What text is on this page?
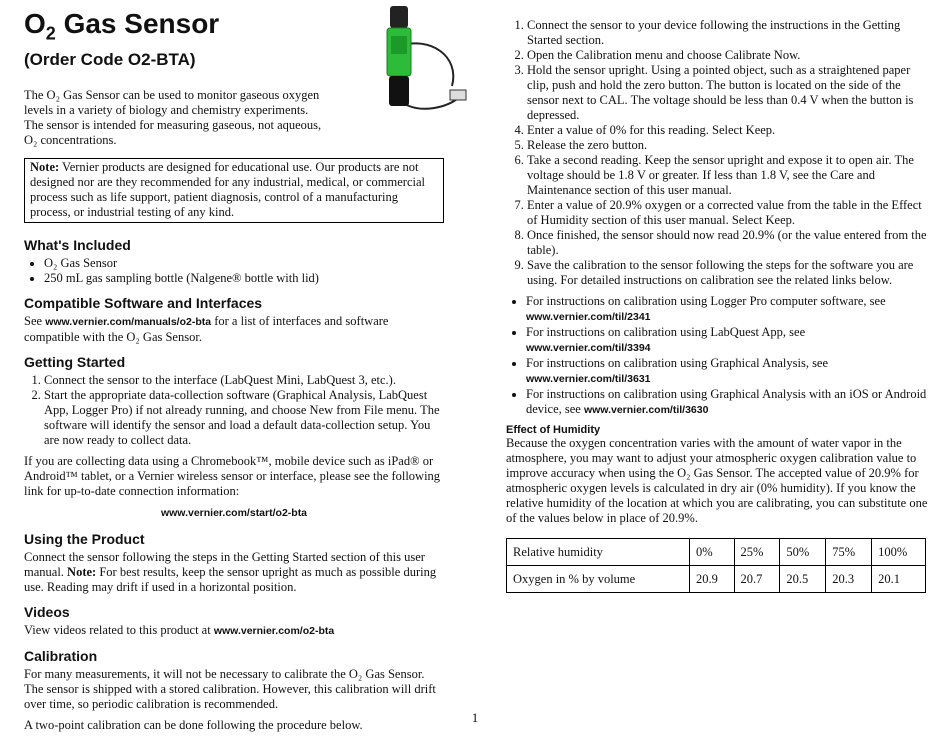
$O_2$ Gas Sensor
(Order Code O2-BTA)

The O₂ Gas Sensor can be used to monitor gaseous oxygen levels in a variety of biology and chemistry experiments. The sensor is intended for measuring gaseous, not aqueous, O₂ concentrations.

Note: Vernier products are designed for educational use. Our products are not designed nor are they recommended for any industrial, medical, or commercial process such as life support, patient diagnosis, control of a manufacturing process, or industrial testing of any kind.

What's Included
• O₂ Gas Sensor
• 250 mL gas sampling bottle (Nalgene® bottle with lid)
Compatible Software and Interfaces

See www.vernier.com/manuals/o2-bta for a list of interfaces and software compatible with the O₂ Gas Sensor.

Getting Started
1. Connect the sensor to the interface (LabQuest Mini, LabQuest 3, etc.).
2. Start the appropriate data-collection software (Graphical Analysis, LabQuest App, Logger Pro) if not already running, and choose New from File menu. The software will identify the sensor and load a default data-collection setup. You are now ready to collect data.

If you are collecting data using a Chromebook™, mobile device such as iPad® or Android™ tablet, or a Vernier wireless sensor or interface, please see the following link for up-to-date connection information:

www.vernier.com/start/o2-bta

Using the Product

Connect the sensor following the steps in the Getting Started section of this user manual. Note: For best results, keep the sensor upright as much as possible during use. Reading may drift if used in a horizontal position.

Videos

View videos related to this product at www.vernier.com/o2-bta

Calibration

For many measurements, it will not be necessary to calibrate the O₂ Gas Sensor. The sensor is shipped with a stored calibration. However, this calibration will drift over time, so periodic calibration is recommended.

A two-point calibration can be done following the procedure below.

1. Connect the sensor to your device following the instructions in the Getting Started section.
2. Open the Calibration menu and choose Calibrate Now.
3. Hold the sensor upright. Using a pointed object, such as a straightened paper clip, push and hold the zero button. The button is located on the side of the sensor next to CAL. The voltage should be less than 0.4 V when the button is depressed.
4. Enter a value of 0% for this reading. Select Keep.
5. Release the zero button.
6. Take a second reading. Keep the sensor upright and expose it to open air. The voltage should be 1.8 V or greater. If less than 1.8 V, see the Care and Maintenance section of this user manual.
7. Enter a value of 20.9% oxygen or a corrected value from the table in the Effect of Humidity section of this user manual. Select Keep.
8. Once finished, the sensor should now read 20.9% (or the value entered from the table).
9. Save the calibration to the sensor following the steps for the software you are using. For detailed instructions on calibration see the related links below.
• For instructions on calibration using Logger Pro computer software, see www.vernier.com/til/2341
• For instructions on calibration using LabQuest App, see www.vernier.com/til/3394
• For instructions on calibration using Graphical Analysis, see www.vernier.com/til/3631
• For instructions on calibration using Graphical Analysis with an iOS or Android device, see www.vernier.com/til/3630
Effect of Humidity

Because the oxygen concentration varies with the amount of water vapor in the atmosphere, you may want to adjust your atmospheric oxygen calibration value to improve accuracy when using the O₂ Gas Sensor. The accepted value of 20.9% for atmospheric oxygen levels is calculated in dry air (0% humidity). If you know the relative humidity of the location at which you are calibrating, you can substitute one of the values below in place of 20.9%.

Relative humidity	0%	25%	50%	75%	100%
Oxygen in % by volume	20.9	20.7	20.5	20.3	20.1
1
